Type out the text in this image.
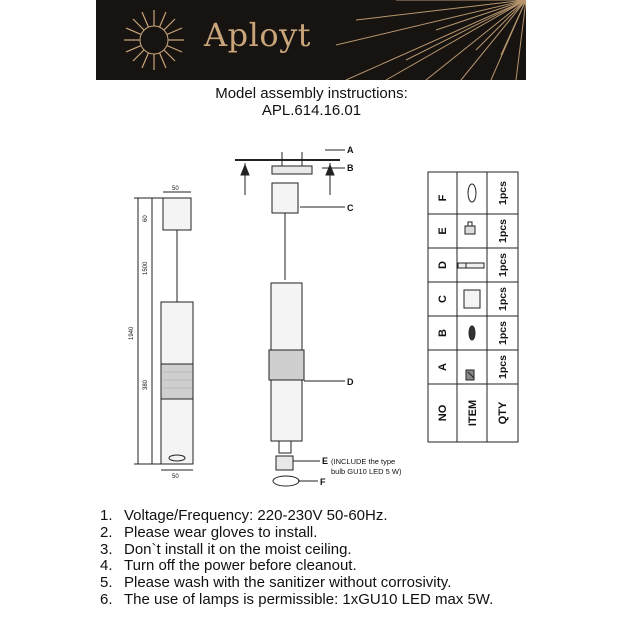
Aployt
Model assembly instructions:
APL.614.16.01
50
60
1500
380
1940
50
A
B
C
D
E
F
(INCLUDE the type
bulb GU10 LED 5 W)
F
E
D
C
B
A
NO ITEM QTY
1pcs
1pcs
1pcs
1pcs
1pcs
1pcs
1. Voltage/Frequency: 220-230V 50-60Hz.
2. Please wear gloves to install.
3. Don`t install it on the moist ceiling.
4. Turn off the power before cleanout.
5. Please wash with the sanitizer without corrosivity.
6. The use of lamps is permissible: 1xGU10 LED max 5W.
